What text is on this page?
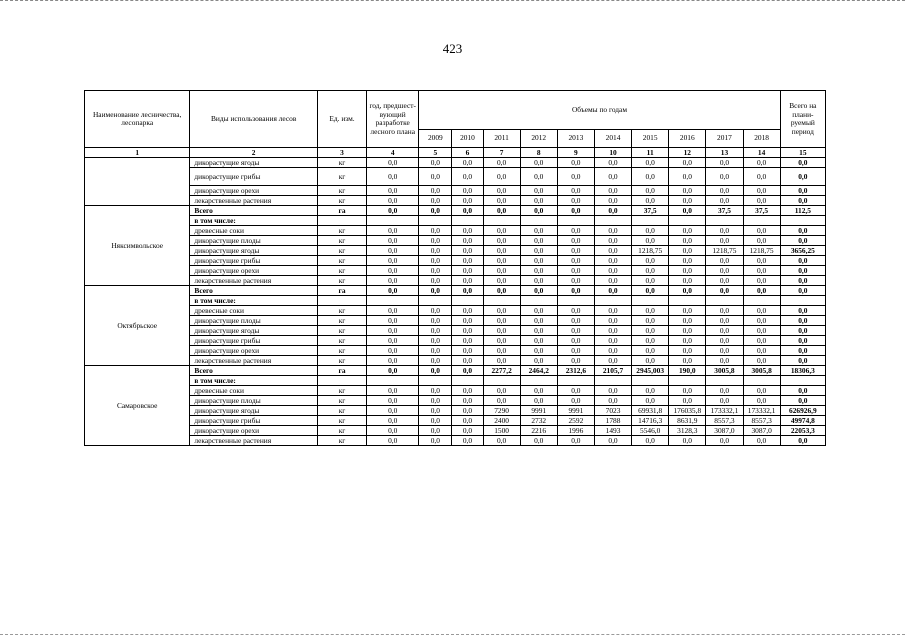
423
Наименование лесничества, лесопарка	Виды использования лесов	Ед. изм.	год, предшест-вующий разработке лесного плана	Объемы по годам										Всего на плани-руемый период
				2009	2010	2011	2012	2013	2014	2015	2016	2017	2018	
1	2	3	4	5	6	7	8	9	10	11	12	13	14	15
	дикорастущие ягоды	кг	0,0	0,0	0,0	0,0	0,0	0,0	0,0	0,0	0,0	0,0	0,0	0,0
	дикорастущие грибы	кг	0,0	0,0	0,0	0,0	0,0	0,0	0,0	0,0	0,0	0,0	0,0	0,0
	дикорастущие орехи	кг	0,0	0,0	0,0	0,0	0,0	0,0	0,0	0,0	0,0	0,0	0,0	0,0
	лекарственные растения	кг	0,0	0,0	0,0	0,0	0,0	0,0	0,0	0,0	0,0	0,0	0,0	0,0
Няксимвольское	Всего	га	0,0	0,0	0,0	0,0	0,0	0,0	0,0	37,5	0,0	37,5	37,5	112,5
	в том числе:													
	древесные соки	кг	0,0	0,0	0,0	0,0	0,0	0,0	0,0	0,0	0,0	0,0	0,0	0,0
	дикорастущие плоды	кг	0,0	0,0	0,0	0,0	0,0	0,0	0,0	0,0	0,0	0,0	0,0	0,0
	дикорастущие ягоды	кг	0,0	0,0	0,0	0,0	0,0	0,0	0,0	1218,75	0,0	1218,75	1218,75	3656,25
	дикорастущие грибы	кг	0,0	0,0	0,0	0,0	0,0	0,0	0,0	0,0	0,0	0,0	0,0	0,0
	дикорастущие орехи	кг	0,0	0,0	0,0	0,0	0,0	0,0	0,0	0,0	0,0	0,0	0,0	0,0
	лекарственные растения	кг	0,0	0,0	0,0	0,0	0,0	0,0	0,0	0,0	0,0	0,0	0,0	0,0
Октябрьское	Всего	га	0,0	0,0	0,0	0,0	0,0	0,0	0,0	0,0	0,0	0,0	0,0	0,0
	в том числе:													
	древесные соки	кг	0,0	0,0	0,0	0,0	0,0	0,0	0,0	0,0	0,0	0,0	0,0	0,0
	дикорастущие плоды	кг	0,0	0,0	0,0	0,0	0,0	0,0	0,0	0,0	0,0	0,0	0,0	0,0
	дикорастущие ягоды	кг	0,0	0,0	0,0	0,0	0,0	0,0	0,0	0,0	0,0	0,0	0,0	0,0
	дикорастущие грибы	кг	0,0	0,0	0,0	0,0	0,0	0,0	0,0	0,0	0,0	0,0	0,0	0,0
	дикорастущие орехи	кг	0,0	0,0	0,0	0,0	0,0	0,0	0,0	0,0	0,0	0,0	0,0	0,0
	лекарственные растения	кг	0,0	0,0	0,0	0,0	0,0	0,0	0,0	0,0	0,0	0,0	0,0	0,0
Самаровское	Всего	га	0,0	0,0	0,0	2277,2	2464,2	2312,6	2105,7	2945,003	190,0	3005,8	3005,8	18306,3
	в том числе:													
	древесные соки	кг	0,0	0,0	0,0	0,0	0,0	0,0	0,0	0,0	0,0	0,0	0,0	0,0
	дикорастущие плоды	кг	0,0	0,0	0,0	0,0	0,0	0,0	0,0	0,0	0,0	0,0	0,0	0,0
	дикорастущие ягоды	кг	0,0	0,0	0,0	7290	9991	9991	7023	69931,8	176035,8	173332,1	173332,1	626926,9
	дикорастущие грибы	кг	0,0	0,0	0,0	2400	2732	2592	1788	14716,3	8631,9	8557,3	8557,3	49974,8
	дикорастущие орехи	кг	0,0	0,0	0,0	1500	2216	1996	1493	5546,0	3128,3	3087,0	3087,0	22053,3
	лекарственные растения	кг	0,0	0,0	0,0	0,0	0,0	0,0	0,0	0,0	0,0	0,0	0,0	0,0
